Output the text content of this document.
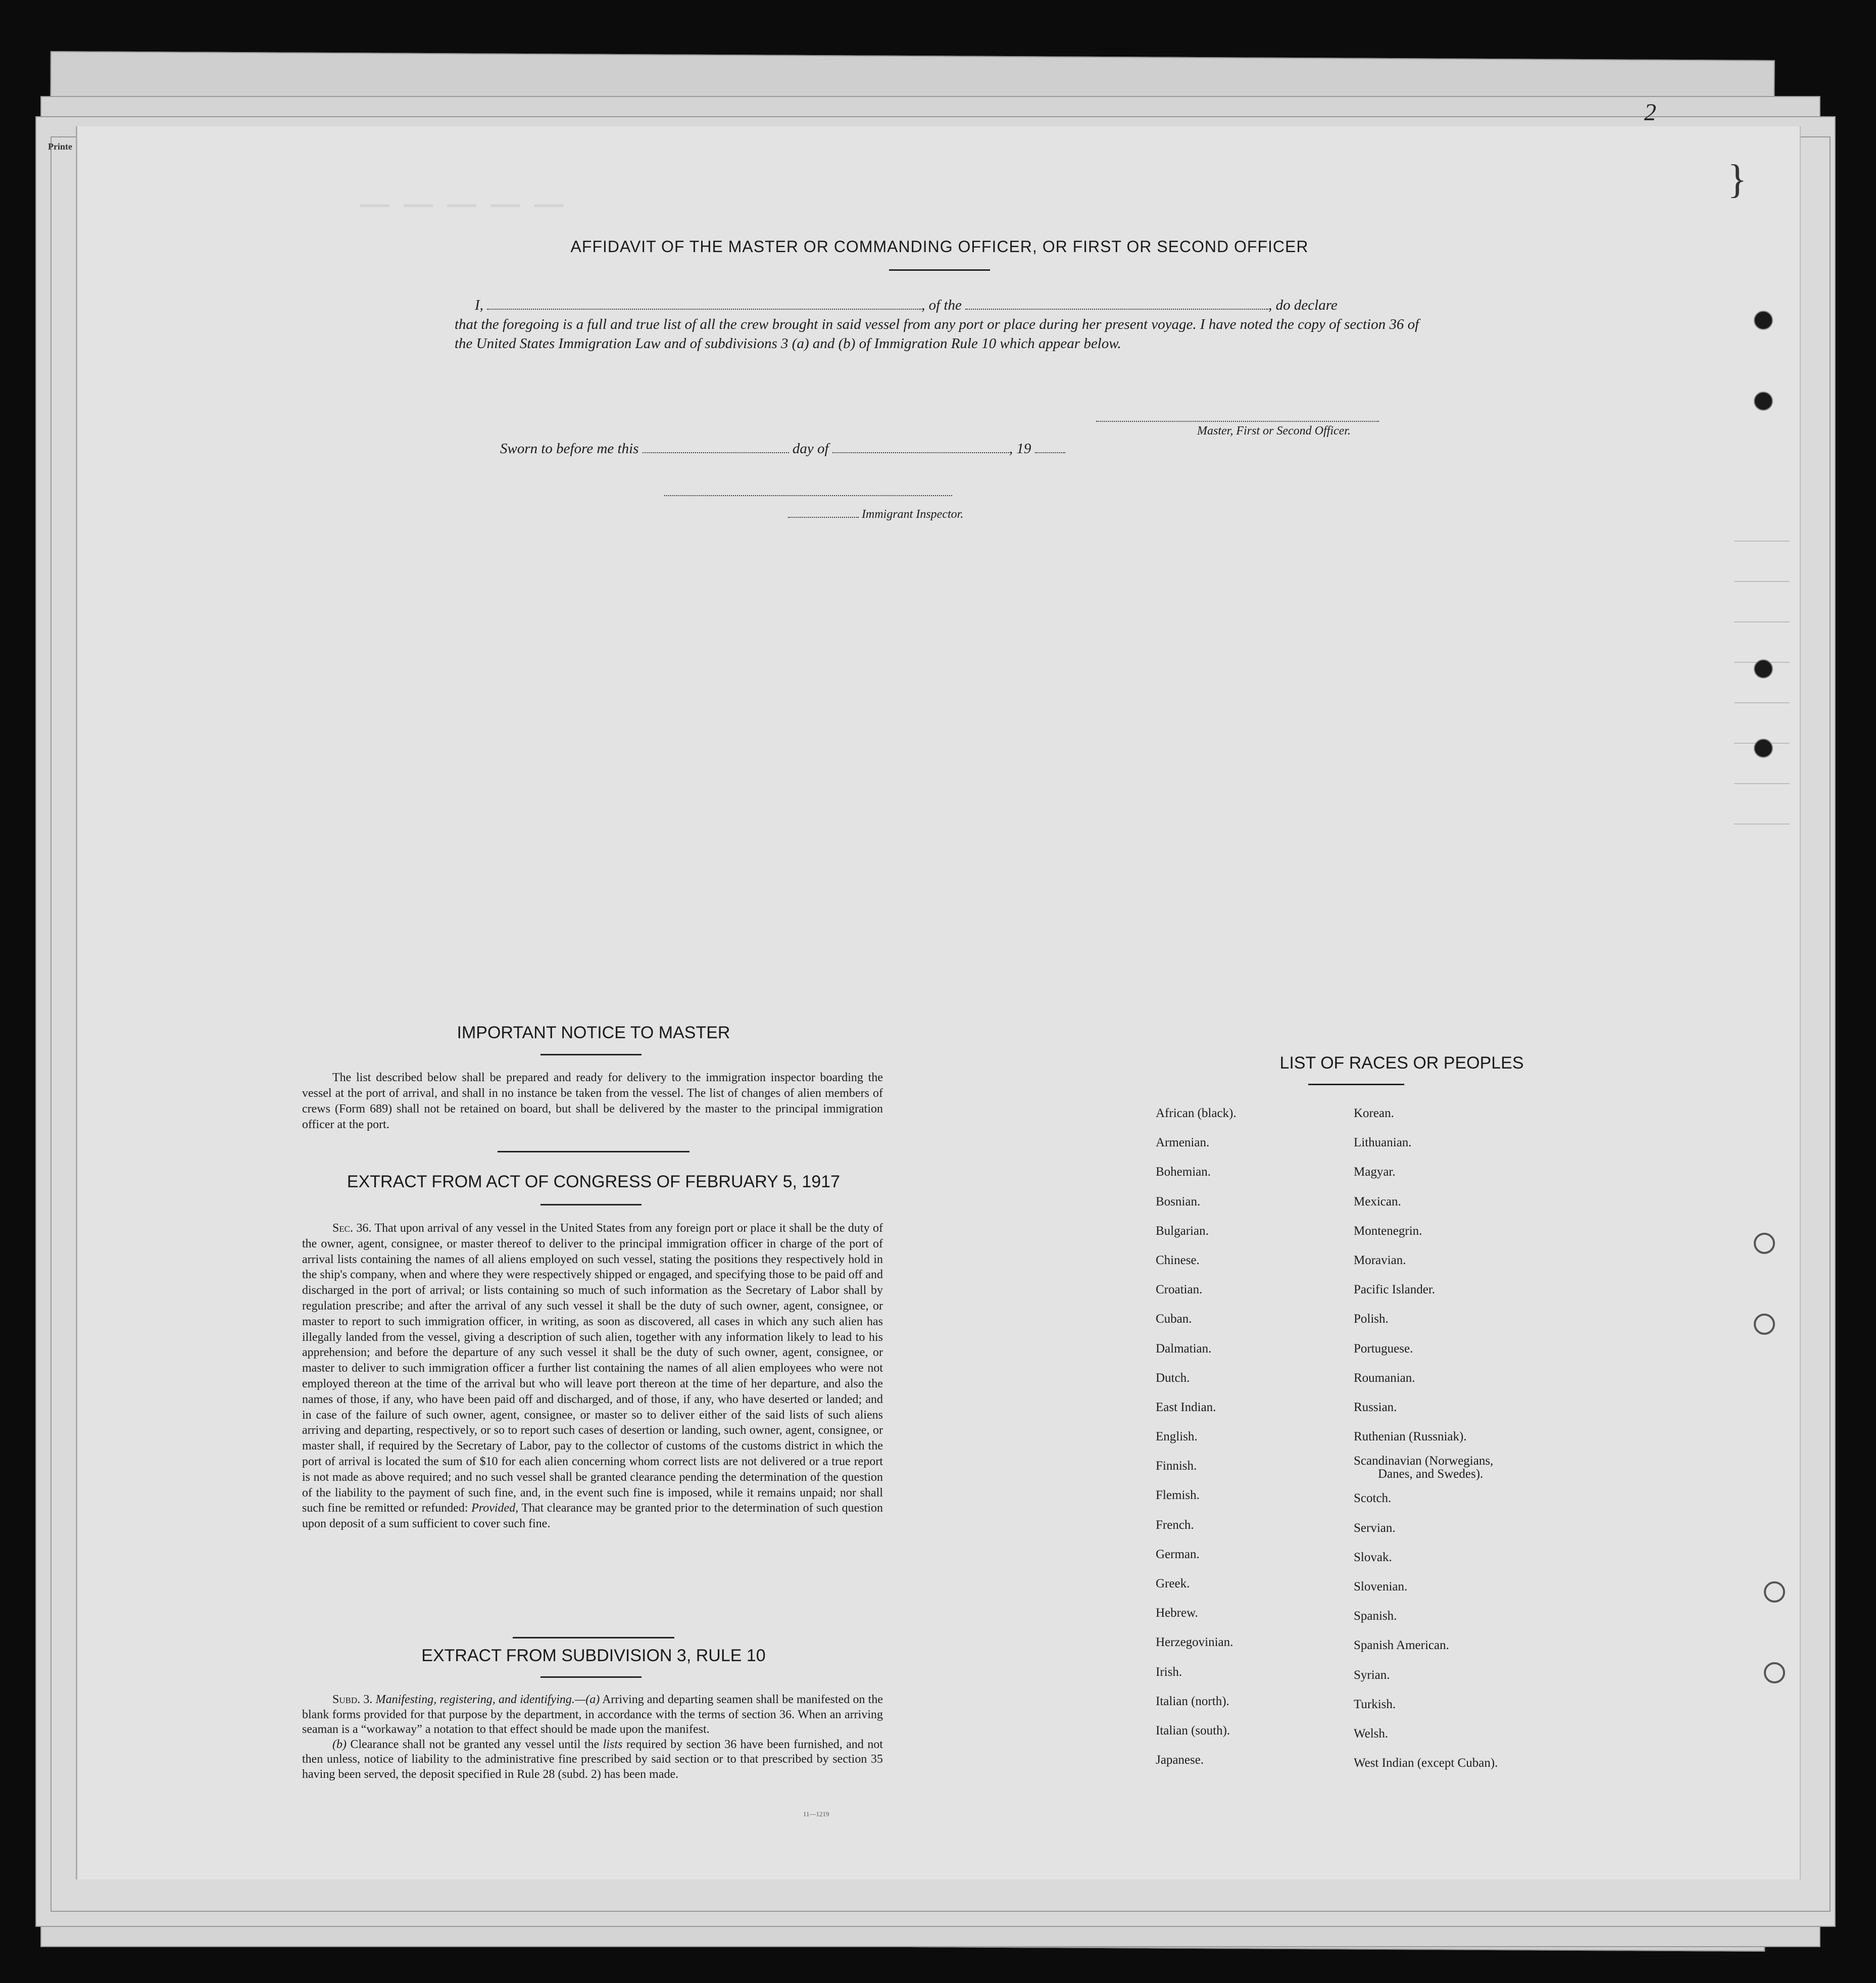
Printe
2
— — — — —
}
AFFIDAVIT OF THE MASTER OR COMMANDING OFFICER, OR FIRST OR SECOND OFFICER
I,	, of the	, do declare
that the foregoing is a full and true list of all the crew brought in said vessel from any port or place during her present voyage. I have noted the copy of section 36 of the United States Immigration Law and of subdivisions 3 (a) and (b) of Immigration Rule 10 which appear below.
Master, First or Second Officer.
Sworn to before me this	day of	, 19
Immigrant Inspector.
IMPORTANT NOTICE TO MASTER
The list described below shall be prepared and ready for delivery to the immigration inspector boarding the vessel at the port of arrival, and shall in no instance be taken from the vessel. The list of changes of alien members of crews (Form 689) shall not be retained on board, but shall be delivered by the master to the principal immigration officer at the port.
EXTRACT FROM ACT OF CONGRESS OF FEBRUARY 5, 1917
Sec. 36. That upon arrival of any vessel in the United States from any foreign port or place it shall be the duty of the owner, agent, consignee, or master thereof to deliver to the principal immigration officer in charge of the port of arrival lists containing the names of all aliens employed on such vessel, stating the positions they respectively hold in the ship's company, when and where they were respectively shipped or engaged, and specifying those to be paid off and discharged in the port of arrival; or lists containing so much of such information as the Secretary of Labor shall by regulation prescribe; and after the arrival of any such vessel it shall be the duty of such owner, agent, consignee, or master to report to such immigration officer, in writing, as soon as discovered, all cases in which any such alien has illegally landed from the vessel, giving a description of such alien, together with any information likely to lead to his apprehension; and before the departure of any such vessel it shall be the duty of such owner, agent, consignee, or master to deliver to such immigration officer a further list containing the names of all alien employees who were not employed thereon at the time of the arrival but who will leave port thereon at the time of her departure, and also the names of those, if any, who have been paid off and discharged, and of those, if any, who have deserted or landed; and in case of the failure of such owner, agent, consignee, or master so to deliver either of the said lists of such aliens arriving and departing, respectively, or so to report such cases of desertion or landing, such owner, agent, consignee, or master shall, if required by the Secretary of Labor, pay to the collector of customs of the customs district in which the port of arrival is located the sum of $10 for each alien concerning whom correct lists are not delivered or a true report is not made as above required; and no such vessel shall be granted clearance pending the determination of the question of the liability to the payment of such fine, and, in the event such fine is imposed, while it remains unpaid; nor shall such fine be remitted or refunded: Provided, That clearance may be granted prior to the determination of such question upon deposit of a sum sufficient to cover such fine.
EXTRACT FROM SUBDIVISION 3, RULE 10

Subd. 3. Manifesting, registering, and identifying.—(a) Arriving and departing seamen shall be manifested on the blank forms provided for that purpose by the department, in accordance with the terms of section 36. When an arriving seaman is a “workaway” a notation to that effect should be made upon the manifest.

(b) Clearance shall not be granted any vessel until the lists required by section 36 have been furnished, and not then unless, notice of liability to the administrative fine prescribed by said section or to that prescribed by section 35 having been served, the deposit specified in Rule 28 (subd. 2) has been made.

11—1219
LIST OF RACES OR PEOPLES
African (black).
Armenian.
Bohemian.
Bosnian.
Bulgarian.
Chinese.
Croatian.
Cuban.
Dalmatian.
Dutch.
East Indian.
English.
Finnish.
Flemish.
French.
German.
Greek.
Hebrew.
Herzegovinian.
Irish.
Italian (north).
Italian (south).
Japanese.
Korean.
Lithuanian.
Magyar.
Mexican.
Montenegrin.
Moravian.
Pacific Islander.
Polish.
Portuguese.
Roumanian.
Russian.
Ruthenian (Russniak).
Scandinavian (Norwegians,
Danes, and Swedes).
Scotch.
Servian.
Slovak.
Slovenian.
Spanish.
Spanish American.
Syrian.
Turkish.
Welsh.
West Indian (except Cuban).
